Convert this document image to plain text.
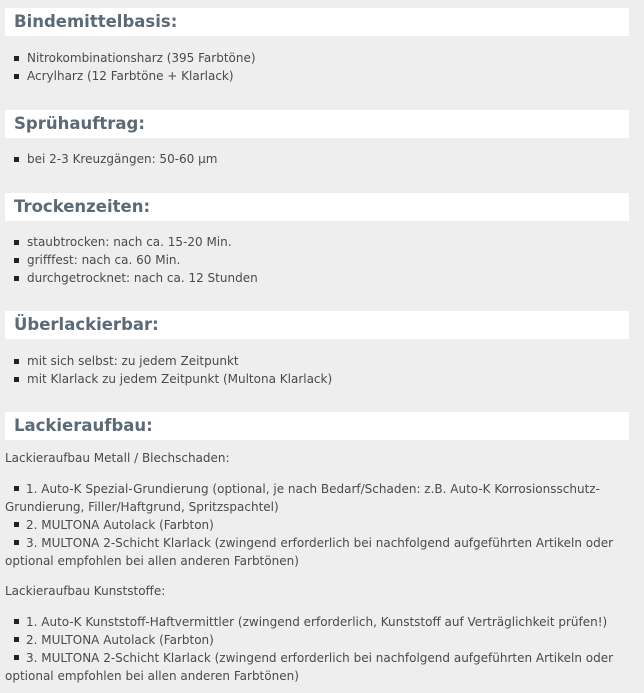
Bindemittelbasis:
Nitrokombinationsharz (395 Farbtöne)
Acrylharz (12 Farbtöne + Klarlack)
Sprühauftrag:
bei 2-3 Kreuzgängen: 50-60 µm
Trockenzeiten:
staubtrocken: nach ca. 15-20 Min.
grifffest: nach ca. 60 Min.
durchgetrocknet: nach ca. 12 Stunden
Überlackierbar:
mit sich selbst: zu jedem Zeitpunkt
mit Klarlack zu jedem Zeitpunkt (Multona Klarlack)
Lackieraufbau:
Lackieraufbau Metall / Blechschaden:

1. Auto-K Spezial-Grundierung (optional, je nach Bedarf/Schaden: z.B. Auto-K Korrosionsschutz-Grundierung, Filler/Haftgrund, Spritzspachtel)

2. MULTONA Autolack (Farbton)

3. MULTONA 2-Schicht Klarlack (zwingend erforderlich bei nachfolgend aufgeführten Artikeln oder optional empfohlen bei allen anderen Farbtönen)

Lackieraufbau Kunststoffe:

1. Auto-K Kunststoff-Haftvermittler (zwingend erforderlich, Kunststoff auf Verträglichkeit prüfen!)

2. MULTONA Autolack (Farbton)

3. MULTONA 2-Schicht Klarlack (zwingend erforderlich bei nachfolgend aufgeführten Artikeln oder optional empfohlen bei allen anderen Farbtönen)
